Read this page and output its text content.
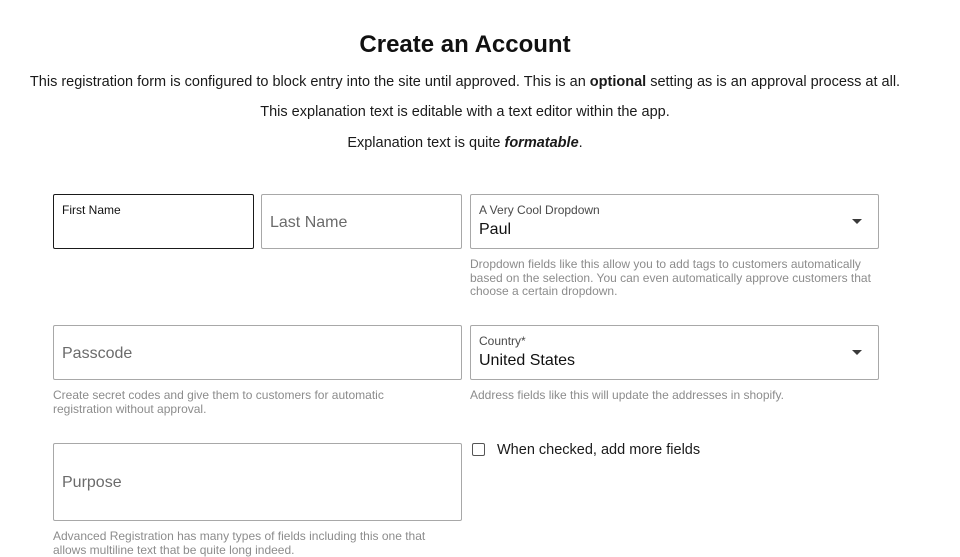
Create an Account
This registration form is configured to block entry into the site until approved. This is an optional setting as is an approval process at all.
This explanation text is editable with a text editor within the app.
Explanation text is quite formatable.
First Name
Last Name
A Very Cool Dropdown
Paul
Dropdown fields like this allow you to add tags to customers automatically based on the selection. You can even automatically approve customers that choose a certain dropdown.
Passcode
Create secret codes and give them to customers for automatic registration without approval.
Country*
United States
Address fields like this will update the addresses in shopify.
When checked, add more fields
Purpose
Advanced Registration has many types of fields including this one that allows multiline text that be quite long indeed.
